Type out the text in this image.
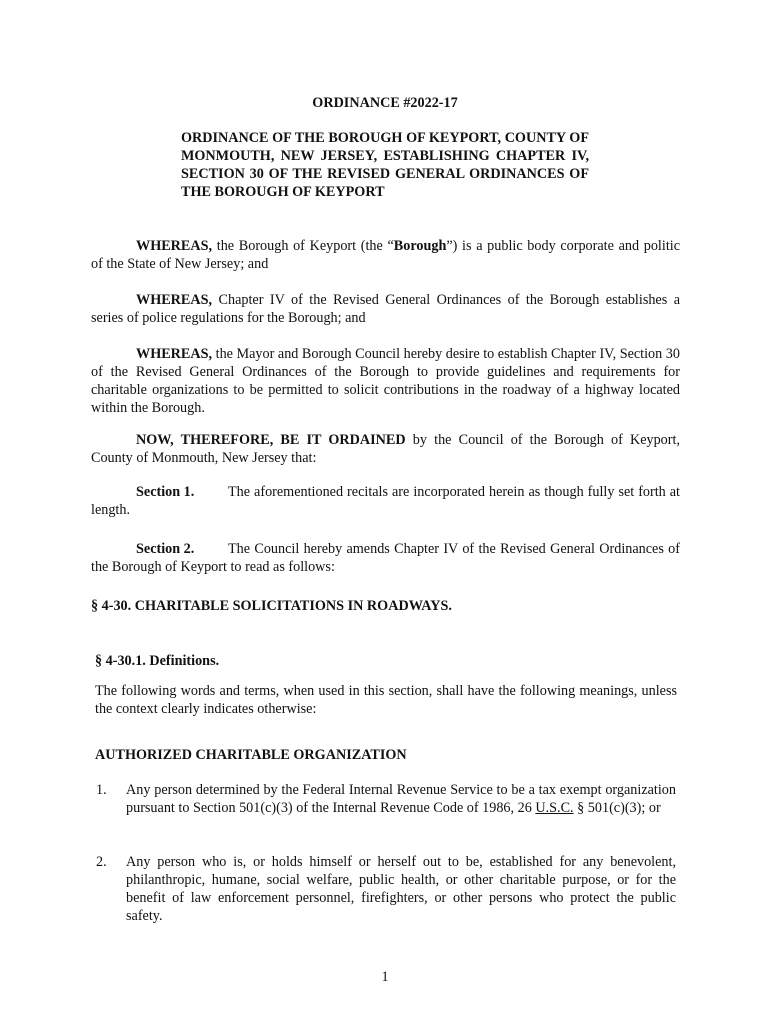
ORDINANCE #2022-17
ORDINANCE OF THE BOROUGH OF KEYPORT, COUNTY OF MONMOUTH, NEW JERSEY, ESTABLISHING CHAPTER IV, SECTION 30 OF THE REVISED GENERAL ORDINANCES OF THE BOROUGH OF KEYPORT
WHEREAS, the Borough of Keyport (the “Borough”) is a public body corporate and politic of the State of New Jersey; and
WHEREAS, Chapter IV of the Revised General Ordinances of the Borough establishes a series of police regulations for the Borough; and
WHEREAS, the Mayor and Borough Council hereby desire to establish Chapter IV, Section 30 of the Revised General Ordinances of the Borough to provide guidelines and requirements for charitable organizations to be permitted to solicit contributions in the roadway of a highway located within the Borough.
NOW, THEREFORE, BE IT ORDAINED by the Council of the Borough of Keyport, County of Monmouth, New Jersey that:
Section 1. The aforementioned recitals are incorporated herein as though fully set forth at length.
Section 2. The Council hereby amends Chapter IV of the Revised General Ordinances of the Borough of Keyport to read as follows:
§ 4-30. CHARITABLE SOLICITATIONS IN ROADWAYS.
§ 4-30.1. Definitions.
The following words and terms, when used in this section, shall have the following meanings, unless the context clearly indicates otherwise:
AUTHORIZED CHARITABLE ORGANIZATION
1. Any person determined by the Federal Internal Revenue Service to be a tax exempt organization pursuant to Section 501(c)(3) of the Internal Revenue Code of 1986, 26 U.S.C. § 501(c)(3); or
2. Any person who is, or holds himself or herself out to be, established for any benevolent, philanthropic, humane, social welfare, public health, or other charitable purpose, or for the benefit of law enforcement personnel, firefighters, or other persons who protect the public safety.
1
